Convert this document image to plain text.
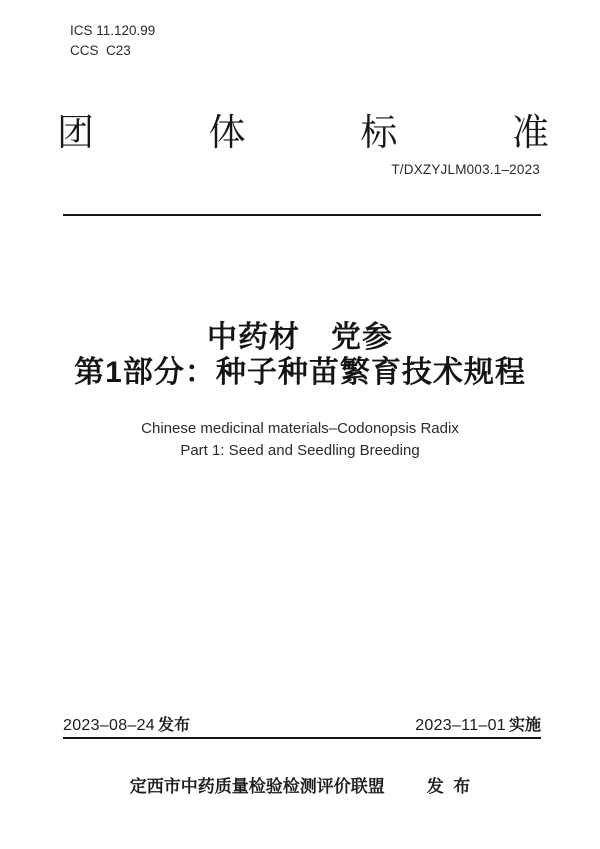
ICS 11.120.99
CCS  C23
团	体	标	准
T/DXZYJLM003.1–2023
中药材　党参
第1部分：种子种苗繁育技术规程
Chinese medicinal materials–Codonopsis Radix
Part 1: Seed and Seedling Breeding
2023–08–24 发布	2023–11–01 实施
定西市中药质量检验检测评价联盟 发  布
